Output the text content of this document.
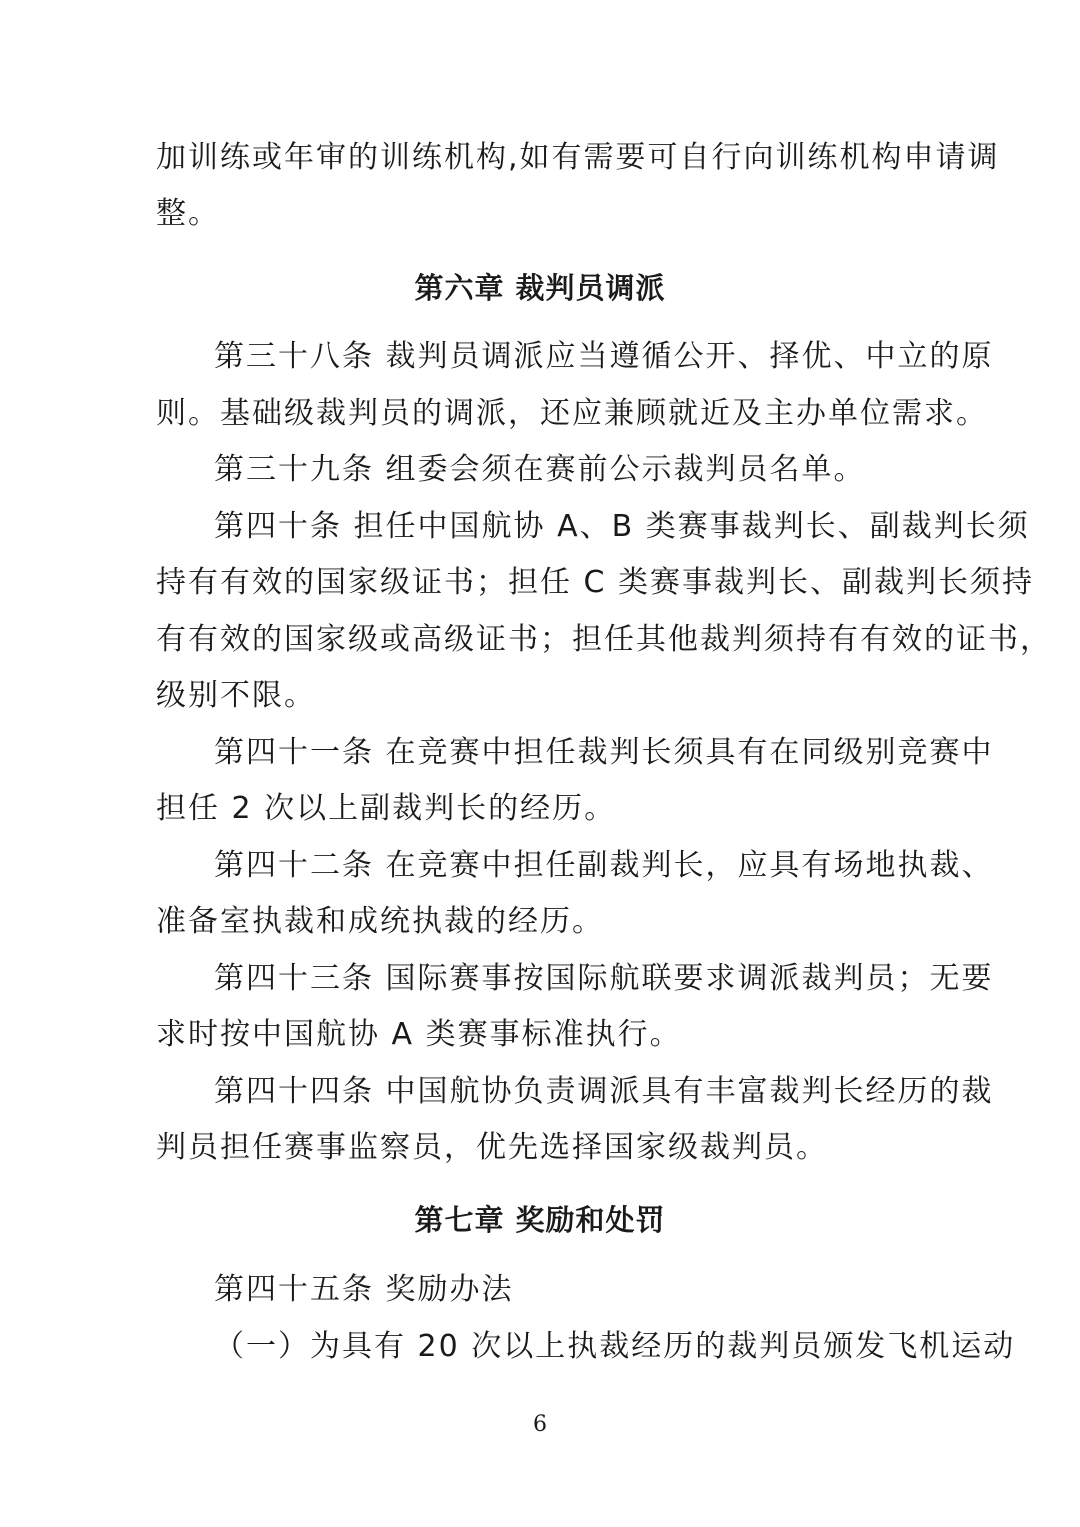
加训练或年审的训练机构,如有需要可自行向训练机构申请调
整。
第六章 裁判员调派
第三十八条 裁判员调派应当遵循公开、择优、中立的原
则。基础级裁判员的调派，还应兼顾就近及主办单位需求。
第三十九条 组委会须在赛前公示裁判员名单。
第四十条 担任中国航协 A、B 类赛事裁判长、副裁判长须
持有有效的国家级证书；担任 C 类赛事裁判长、副裁判长须持
有有效的国家级或高级证书；担任其他裁判须持有有效的证书，
级别不限。
第四十一条 在竞赛中担任裁判长须具有在同级别竞赛中
担任 2 次以上副裁判长的经历。
第四十二条 在竞赛中担任副裁判长，应具有场地执裁、
准备室执裁和成统执裁的经历。
第四十三条 国际赛事按国际航联要求调派裁判员；无要
求时按中国航协 A 类赛事标准执行。
第四十四条 中国航协负责调派具有丰富裁判长经历的裁
判员担任赛事监察员，优先选择国家级裁判员。
第七章 奖励和处罚
第四十五条 奖励办法
（一）为具有 20 次以上执裁经历的裁判员颁发飞机运动
6
